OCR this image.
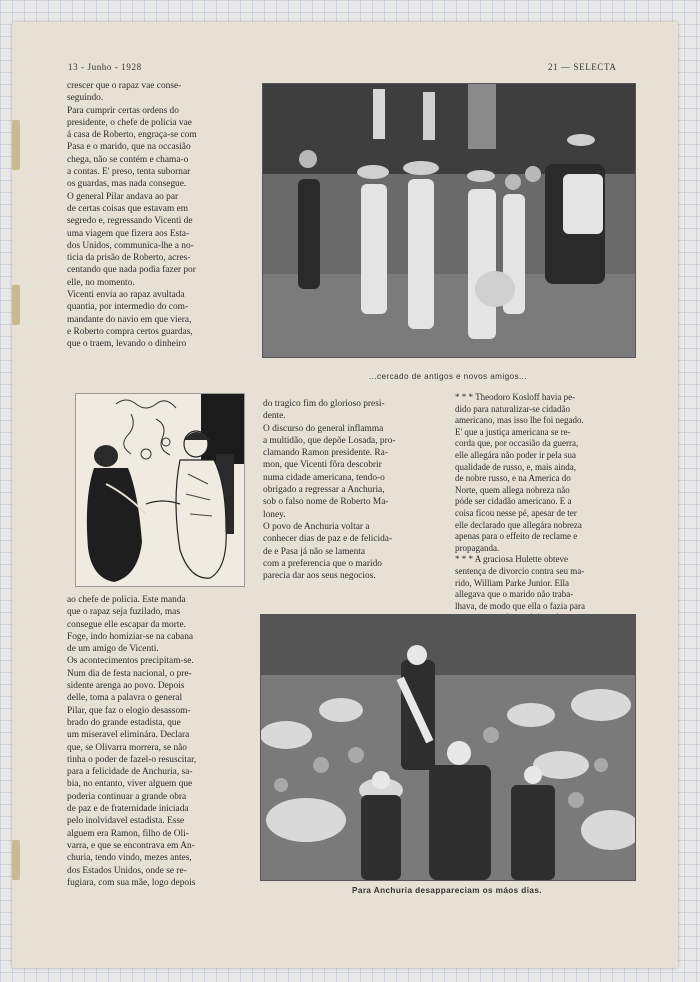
13 - Junho - 1928	21 — SELECTA

crescer que o rapaz vae conse-
seguindo.
Para cumprir certas ordens do
presidente, o chefe de policia vae
á casa de Roberto, engraça-se com
Pasa e o marido, que na occasião
chega, não se contém e chama-o
a contas. E' preso, tenta subornar
os guardas, mas nada consegue.
O general Pilar andava ao par
de certas coisas que estavam em
segredo e, regressando Vicenti de
uma viagem que fizera aos Esta-
dos Unidos, communica-lhe a no-
ticia da prisão de Roberto, acres-
centando que nada podia fazer por
elle, no momento.
Vicenti envia ao rapaz avultada
quantia, por intermedio do com-
mandante do navio em que viera,
e Roberto compra certos guardas,
que o traem, levando o dinheiro

ao chefe de policia. Este manda
que o rapaz seja fuzilado, mas
consegue elle escapar da morte.
Foge, indo homiziar-se na cabana
de um amigo de Vicenti.
Os acontecimentos precipitam-se.
Num dia de festa nacional, o pre-
sidente arenga ao povo. Depois
delle, toma a palavra o general
Pilar, que faz o elogio desassom-
brado do grande estadista, que
um miseravel eliminára. Declara
que, se Olivarra morrera, se não
tinha o poder de fazel-o resuscitar,
para a felicidade de Anchuria, sa-
bia, no entanto, viver alguem que
poderia continuar a grande obra
de paz e de fraternidade iniciada
pelo inolvidavel estadista. Esse
alguem era Ramon, filho de Oli-
varra, e que se encontrava em An-
churia, tendo vindo, mezes antes,
dos Estados Unidos, onde se re-
fugiara, com sua mãe, logo depois

...cercado de antigos e novos amigos...

do tragico fim do glorioso presi-
dente.
O discurso do general inflamma
a multidão, que depõe Losada, pro-
clamando Ramon presidente. Ra-
mon, que Vicenti fôra descobrir
numa cidade americana, tendo-o
obrigado a regressar a Anchuria,
sob o falso nome de Roberto Ma-
loney.
O povo de Anchuria voltar a
conhecer dias de paz e de felicida-
de e Pasa já não se lamenta
com a preferencia que o marido
parecia dar aos seus negocios.

* * * Theodoro Kosloff havia pe-
dido para naturalizar-se cidadão
americano, mas isso lhe foi negado.
E' que a justiça americana se re-
corda que, por occasião da guerra,
elle allegára não poder ir pela sua
qualidade de russo, e, mais ainda,
de nobre russo, e na America do
Norte, quem allega nobreza não
póde ser cidadão americano. E a
coisa ficou nesse pé, apesar de ter
elle declarado que allegára nobreza
apenas para o effeito de reclame e
propaganda.
* * * A graciosa Hulette obteve
sentença de divorcio contra seu ma-
rido, William Parke Junior. Ella
allegava que o marido não traba-
lhava, de modo que ella o fazia para

Para Anchuria desappareciam os máos dias.
